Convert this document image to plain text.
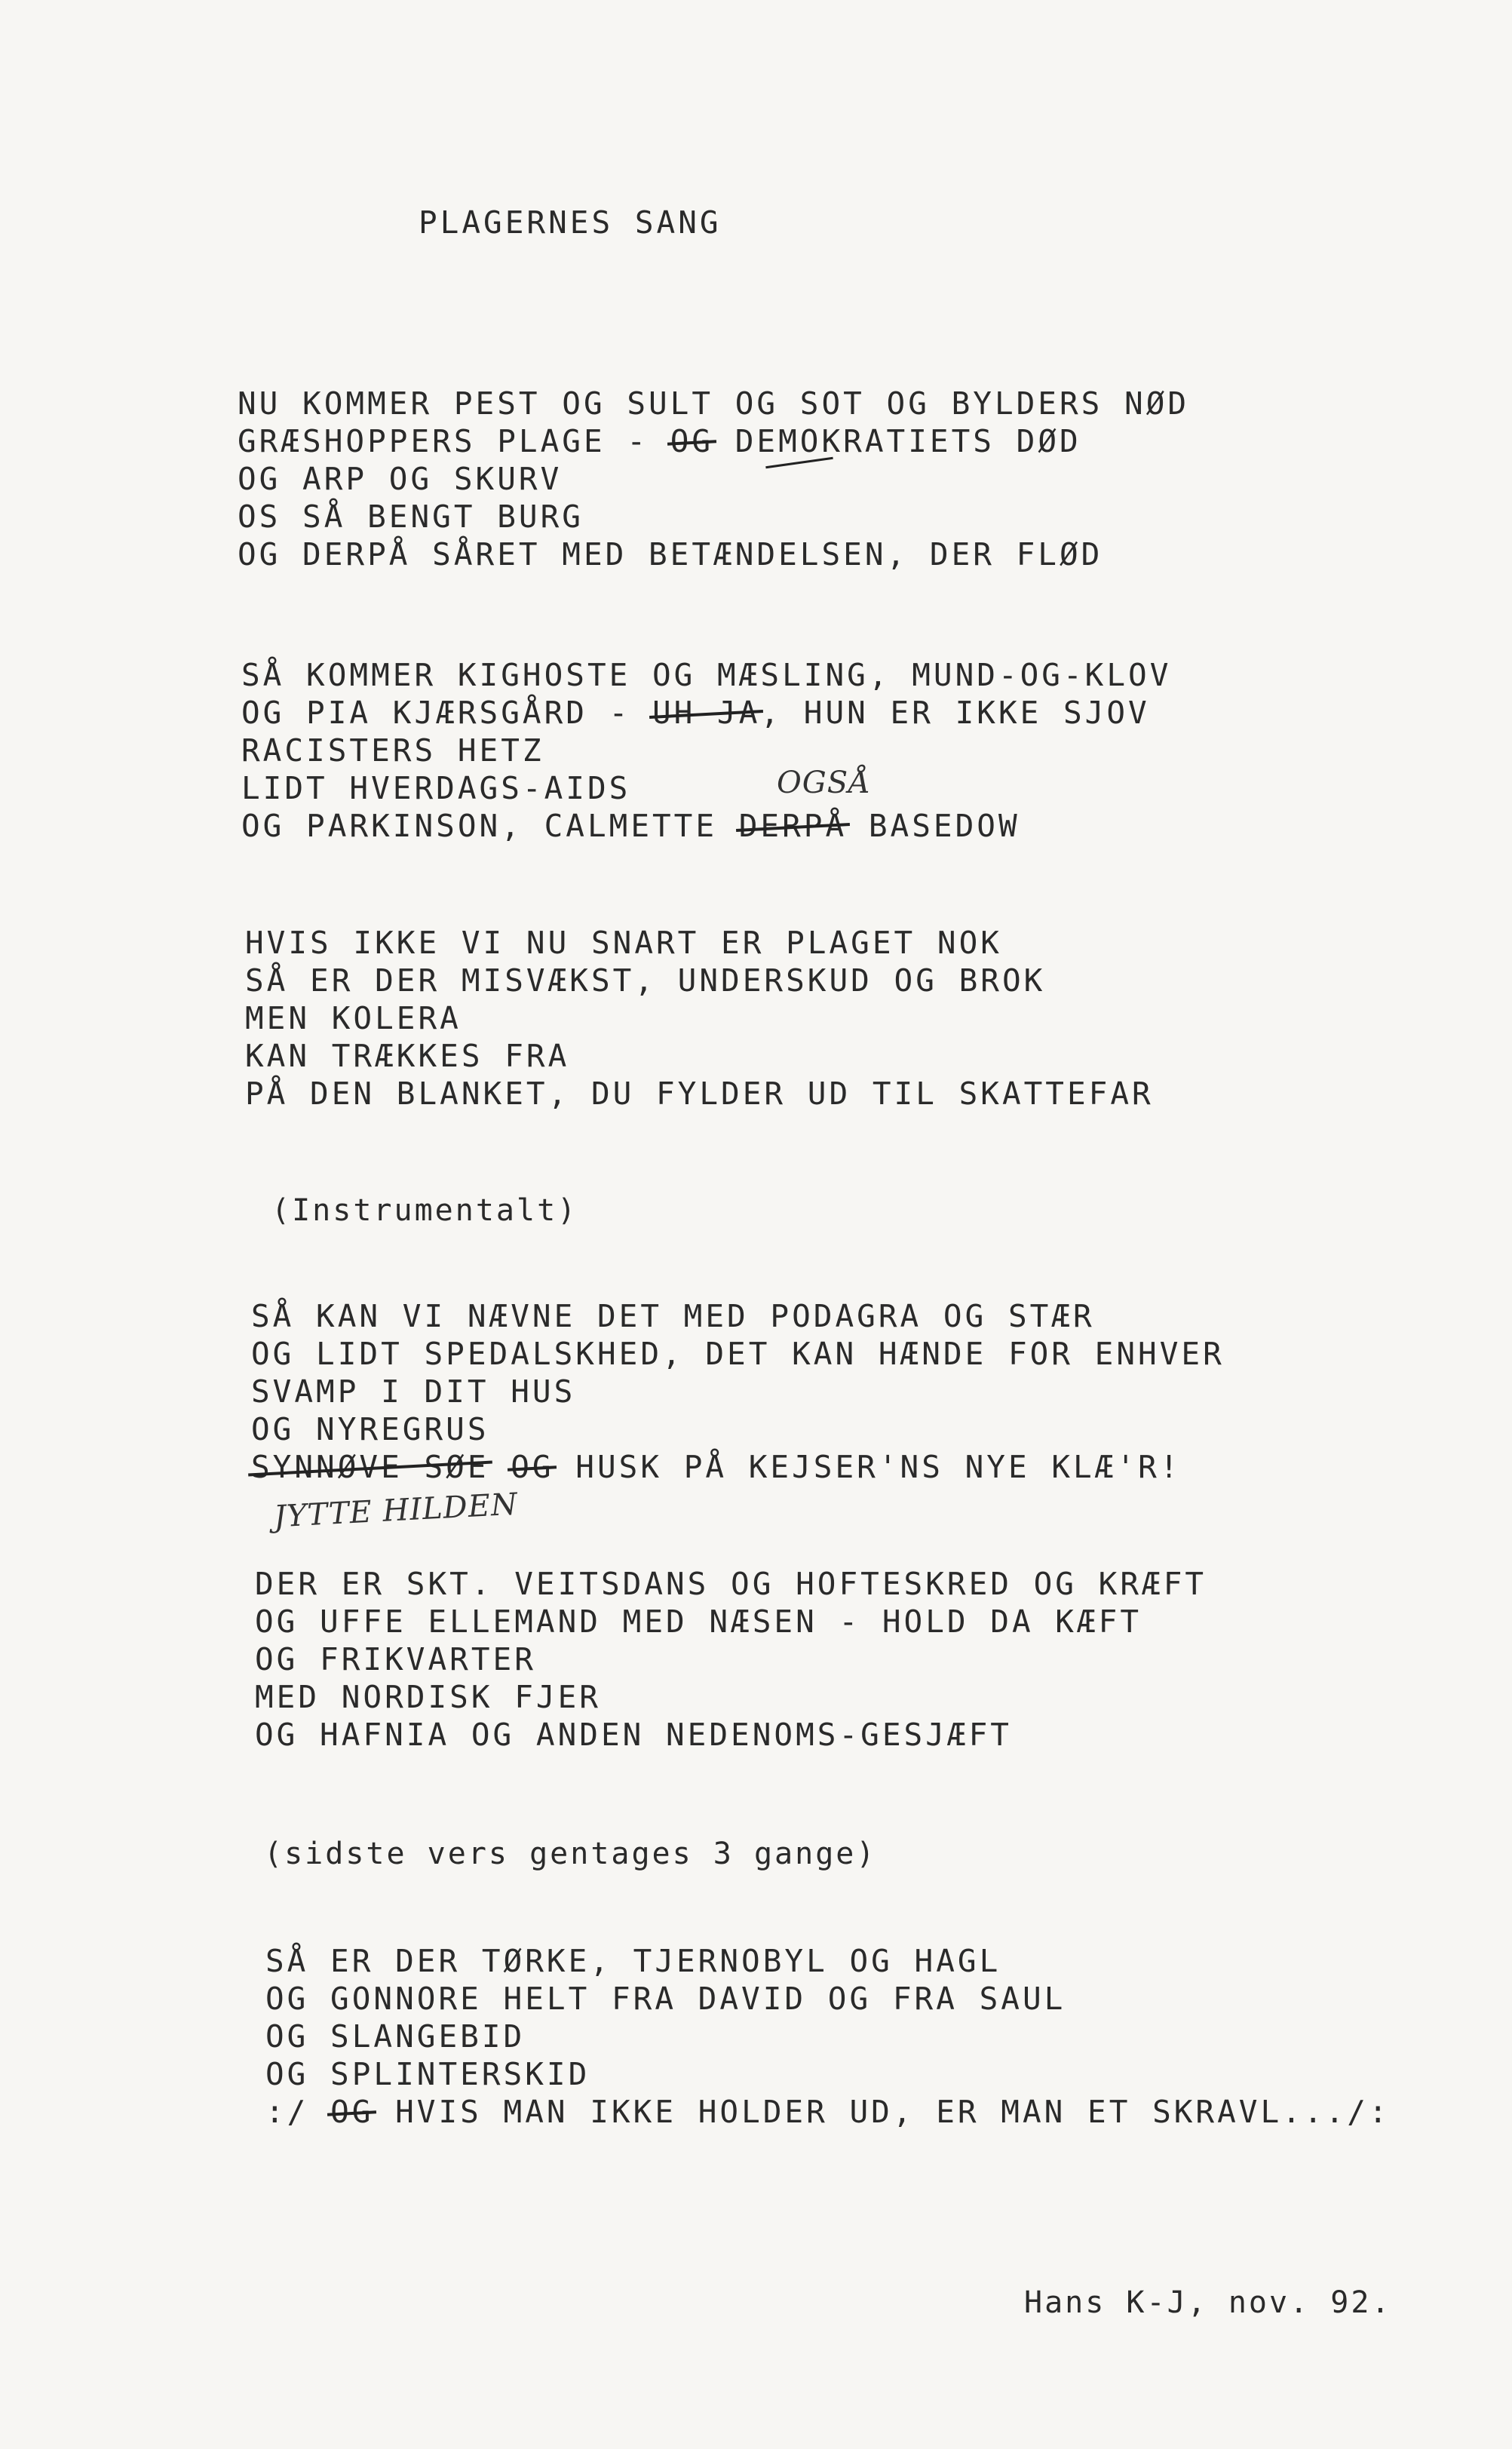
PLAGERNES SANG
NU KOMMER PEST OG SULT OG SOT OG BYLDERS NØD
GRÆSHOPPERS PLAGE - OG DEMOKRATIETS DØD
OG ARP OG SKURV
OS SÅ BENGT BURG
OG DERPÅ SÅRET MED BETÆNDELSEN, DER FLØD
SÅ KOMMER KIGHOSTE OG MÆSLING, MUND-OG-KLOV
OG PIA KJÆRSGÅRD - UH JA, HUN ER IKKE SJOV
RACISTERS HETZ
LIDT HVERDAGS-AIDS	OGSÅ
OG PARKINSON, CALMETTE DERPÅ BASEDOW
HVIS IKKE VI NU SNART ER PLAGET NOK
SÅ ER DER MISVÆKST, UNDERSKUD OG BROK
MEN KOLERA
KAN TRÆKKES FRA
PÅ DEN BLANKET, DU FYLDER UD TIL SKATTEFAR
(Instrumentalt)
SÅ KAN VI NÆVNE DET MED PODAGRA OG STÆR
OG LIDT SPEDALSKHED, DET KAN HÆNDE FOR ENHVER
SVAMP I DIT HUS
OG NYREGRUS
SYNNØVE SØE OG HUSK PÅ KEJSER'NS NYE KLÆ'R!
JYTTE HILDEN
DER ER SKT. VEITSDANS OG HOFTESKRED OG KRÆFT
OG UFFE ELLEMAND MED NÆSEN - HOLD DA KÆFT
OG FRIKVARTER
MED NORDISK FJER
OG HAFNIA OG ANDEN NEDENOMS-GESJÆFT
(sidste vers gentages 3 gange)
SÅ ER DER TØRKE, TJERNOBYL OG HAGL
OG GONNORE HELT FRA DAVID OG FRA SAUL
OG SLANGEBID
OG SPLINTERSKID
:/ OG HVIS MAN IKKE HOLDER UD, ER MAN ET SKRAVL.../:
Hans K-J, nov. 92.
